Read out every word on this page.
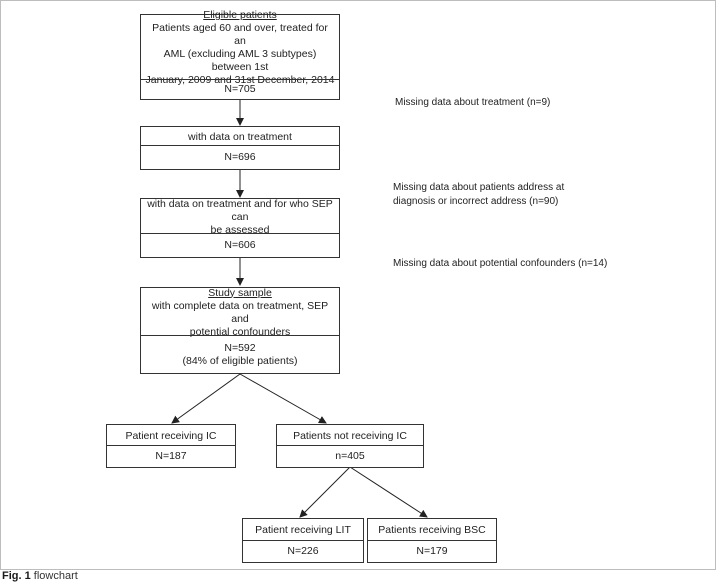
Eligible patients
Patients aged 60 and over, treated for an
AML (excluding AML 3 subtypes) between 1st
January, 2009 and 31st December, 2014
N=705
with data on treatment
N=696
with data on treatment and for who SEP can
be assessed
N=606
Study sample
with complete data on treatment, SEP and
potential confounders
N=592
(84% of eligible patients)
Patient receiving IC
N=187
Patients not receiving IC
n=405
Patient receiving LIT
N=226
Patients receiving BSC
N=179
Missing data about treatment (n=9)
Missing data about patients address at
diagnosis or incorrect address (n=90)
Missing data about potential confounders (n=14)
Fig. 1 flowchart
